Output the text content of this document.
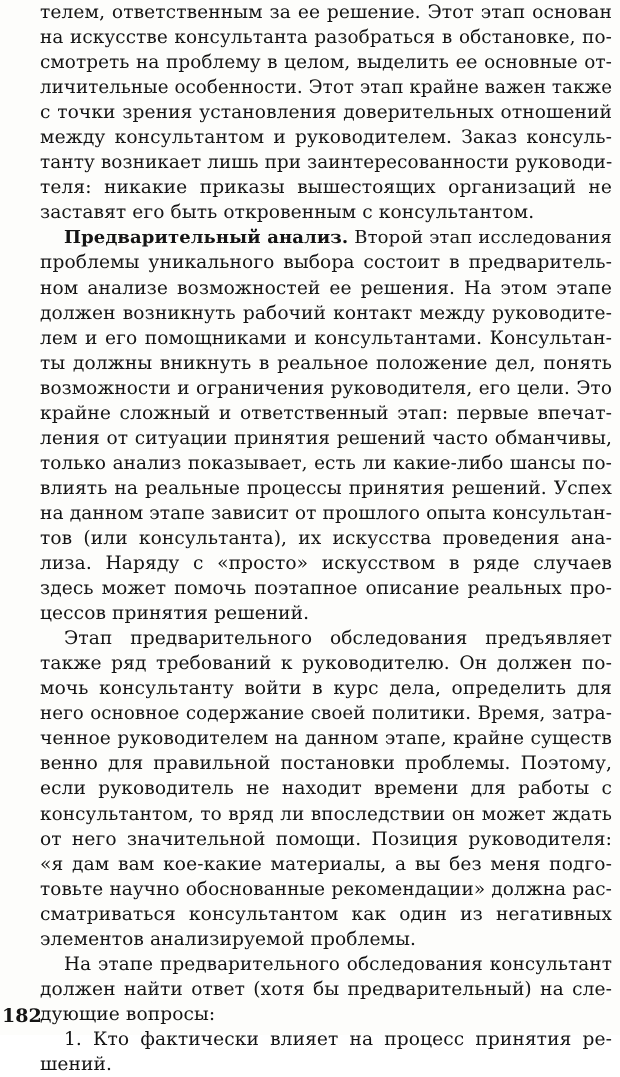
телем, ответственным за ее решение. Этот этап основан
на искусстве консультанта разобраться в обстановке, по-
смотреть на проблему в целом, выделить ее основные от-
личительные особенности. Этот этап крайне важен также
с точки зрения установления доверительных отношений
между консультантом и руководителем. Заказ консуль-
танту возникает лишь при заинтересованности руководи-
теля: никакие приказы вышестоящих организаций не
заставят его быть откровенным с консультантом.
Предварительный анализ. Второй этап исследования
проблемы уникального выбора состоит в предваритель-
ном анализе возможностей ее решения. На этом этапе
должен возникнуть рабочий контакт между руководите-
лем и его помощниками и консультантами. Консультан-
ты должны вникнуть в реальное положение дел, понять
возможности и ограничения руководителя, его цели. Это
крайне сложный и ответственный этап: первые впечат-
ления от ситуации принятия решений часто обманчивы,
только анализ показывает, есть ли какие-либо шансы по-
влиять на реальные процессы принятия решений. Успех
на данном этапе зависит от прошлого опыта консультан-
тов (или консультанта), их искусства проведения ана-
лиза. Наряду с «просто» искусством в ряде случаев
здесь может помочь поэтапное описание реальных про-
цессов принятия решений.
Этап предварительного обследования предъявляет
также ряд требований к руководителю. Он должен по-
мочь консультанту войти в курс дела, определить для
него основное содержание своей политики. Время, затра-
ченное руководителем на данном этапе, крайне существ
венно для правильной постановки проблемы. Поэтому,
если руководитель не находит времени для работы с
консультантом, то вряд ли впоследствии он может ждать
от него значительной помощи. Позиция руководителя:
«я дам вам кое-какие материалы, а вы без меня подго-
товьте научно обоснованные рекомендации» должна рас-
сматриваться консультантом как один из негативных
элементов анализируемой проблемы.
На этапе предварительного обследования консультант
должен найти ответ (хотя бы предварительный) на сле-
дующие вопросы:
1. Кто фактически влияет на процесс принятия ре-
шений.
182
